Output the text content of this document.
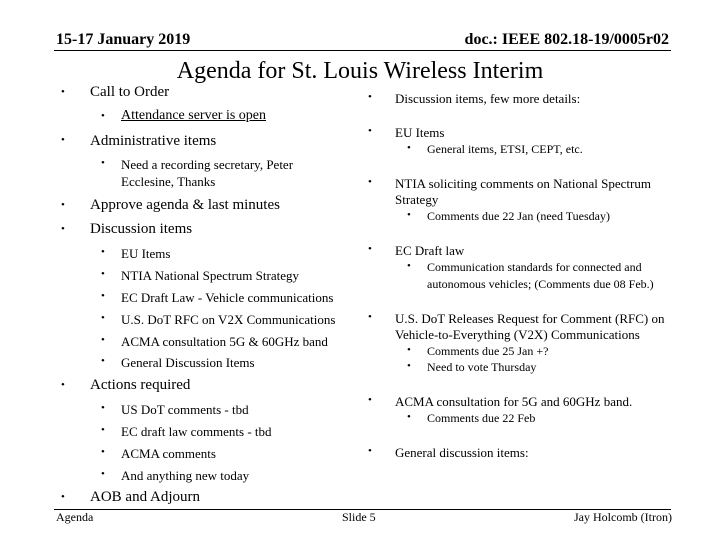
15-17 January 2019	doc.: IEEE 802.18-19/0005r02
Agenda for St. Louis Wireless Interim
• Call to Order
• Attendance server is open
• Administrative items
• Need a recording secretary, Peter
Ecclesine, Thanks
• Approve agenda & last minutes
• Discussion items
• EU Items
• NTIA National Spectrum Strategy
• EC Draft Law - Vehicle communications
• U.S. DoT RFC on V2X Communications
• ACMA consultation 5G & 60GHz band
• General Discussion Items
• Actions required
• US DoT comments - tbd
• EC draft law comments - tbd
• ACMA comments
• And anything new today
• AOB and Adjourn
• Discussion items, few more details:
• EU Items
• General items, ETSI, CEPT, etc.
• NTIA soliciting comments on National Spectrum
Strategy
• Comments due 22 Jan (need Tuesday)
• EC Draft law
• Communication standards for connected and
autonomous vehicles; (Comments due 08 Feb.)
• U.S. DoT Releases Request for Comment (RFC) on
Vehicle-to-Everything (V2X) Communications
• Comments due 25 Jan +?
• Need to vote Thursday
• ACMA consultation for 5G and 60GHz band.
• Comments due 22 Feb
• General discussion items:
Agenda	Slide 5	Jay Holcomb (Itron)
